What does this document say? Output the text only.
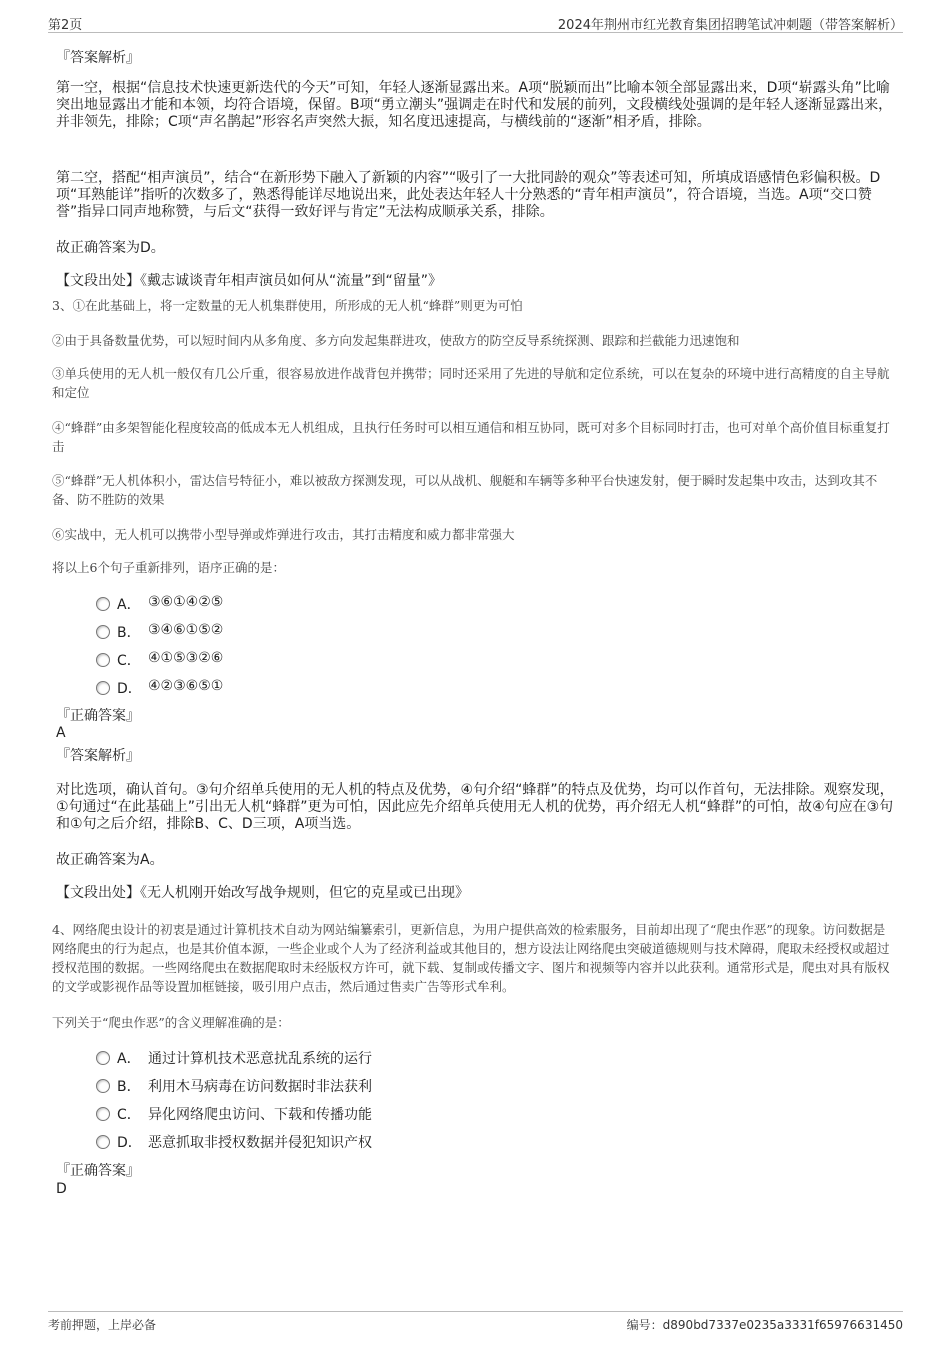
第2页	2024年荆州市红光教育集团招聘笔试冲刺题（带答案解析）
『答案解析』
第一空，根据“信息技术快速更新迭代的今天”可知，年轻人逐渐显露出来。A项“脱颖而出”比喻本领全部显露出来，D项“崭露头角”比喻突出地显露出才能和本领，均符合语境，保留。B项“勇立潮头”强调走在时代和发展的前列，文段横线处强调的是年轻人逐渐显露出来，并非领先，排除；C项“声名鹊起”形容名声突然大振，知名度迅速提高，与横线前的“逐渐”相矛盾，排除。
第二空，搭配“相声演员”，结合“在新形势下融入了新颖的内容”“吸引了一大批同龄的观众”等表述可知，所填成语感情色彩偏积极。D项“耳熟能详”指听的次数多了，熟悉得能详尽地说出来，此处表达年轻人十分熟悉的“青年相声演员”，符合语境，当选。A项“交口赞誉”指异口同声地称赞，与后文“获得一致好评与肯定”无法构成顺承关系，排除。
故正确答案为D。
【文段出处】《戴志诚谈青年相声演员如何从“流量”到“留量”》
3、①在此基础上，将一定数量的无人机集群使用，所形成的无人机“蜂群”则更为可怕
②由于具备数量优势，可以短时间内从多角度、多方向发起集群进攻，使敌方的防空反导系统探测、跟踪和拦截能力迅速饱和
③单兵使用的无人机一般仅有几公斤重，很容易放进作战背包并携带；同时还采用了先进的导航和定位系统，可以在复杂的环境中进行高精度的自主导航和定位
④“蜂群”由多架智能化程度较高的低成本无人机组成，且执行任务时可以相互通信和相互协同，既可对多个目标同时打击，也可对单个高价值目标重复打击
⑤“蜂群”无人机体积小，雷达信号特征小，难以被敌方探测发现，可以从战机、舰艇和车辆等多种平台快速发射，便于瞬时发起集中攻击，达到攻其不备、防不胜防的效果
⑥实战中，无人机可以携带小型导弹或炸弹进行攻击，其打击精度和威力都非常强大
将以上6个句子重新排列，语序正确的是：
A． ③⑥①④②⑤
B． ③④⑥①⑤②
C． ④①⑤③②⑥
D． ④②③⑥⑤①
『正确答案』
A
『答案解析』
对比选项，确认首句。③句介绍单兵使用的无人机的特点及优势，④句介绍“蜂群”的特点及优势，均可以作首句，无法排除。观察发现，①句通过“在此基础上”引出无人机“蜂群”更为可怕，因此应先介绍单兵使用无人机的优势，再介绍无人机“蜂群”的可怕，故④句应在③句和①句之后介绍，排除B、C、D三项，A项当选。
故正确答案为A。
【文段出处】《无人机刚开始改写战争规则，但它的克星或已出现》
4、网络爬虫设计的初衷是通过计算机技术自动为网站编纂索引，更新信息，为用户提供高效的检索服务，目前却出现了“爬虫作恶”的现象。访问数据是网络爬虫的行为起点，也是其价值本源，一些企业或个人为了经济利益或其他目的，想方设法让网络爬虫突破道德规则与技术障碍，爬取未经授权或超过授权范围的数据。一些网络爬虫在数据爬取时未经版权方许可，就下载、复制或传播文字、图片和视频等内容并以此获利。通常形式是，爬虫对具有版权的文学或影视作品等设置加框链接，吸引用户点击，然后通过售卖广告等形式牟利。
下列关于“爬虫作恶”的含义理解准确的是：
A． 通过计算机技术恶意扰乱系统的运行
B． 利用木马病毒在访问数据时非法获利
C． 异化网络爬虫访问、下载和传播功能
D． 恶意抓取非授权数据并侵犯知识产权
『正确答案』
D
考前押题，上岸必备	编号：d890bd7337e0235a3331f65976631450
